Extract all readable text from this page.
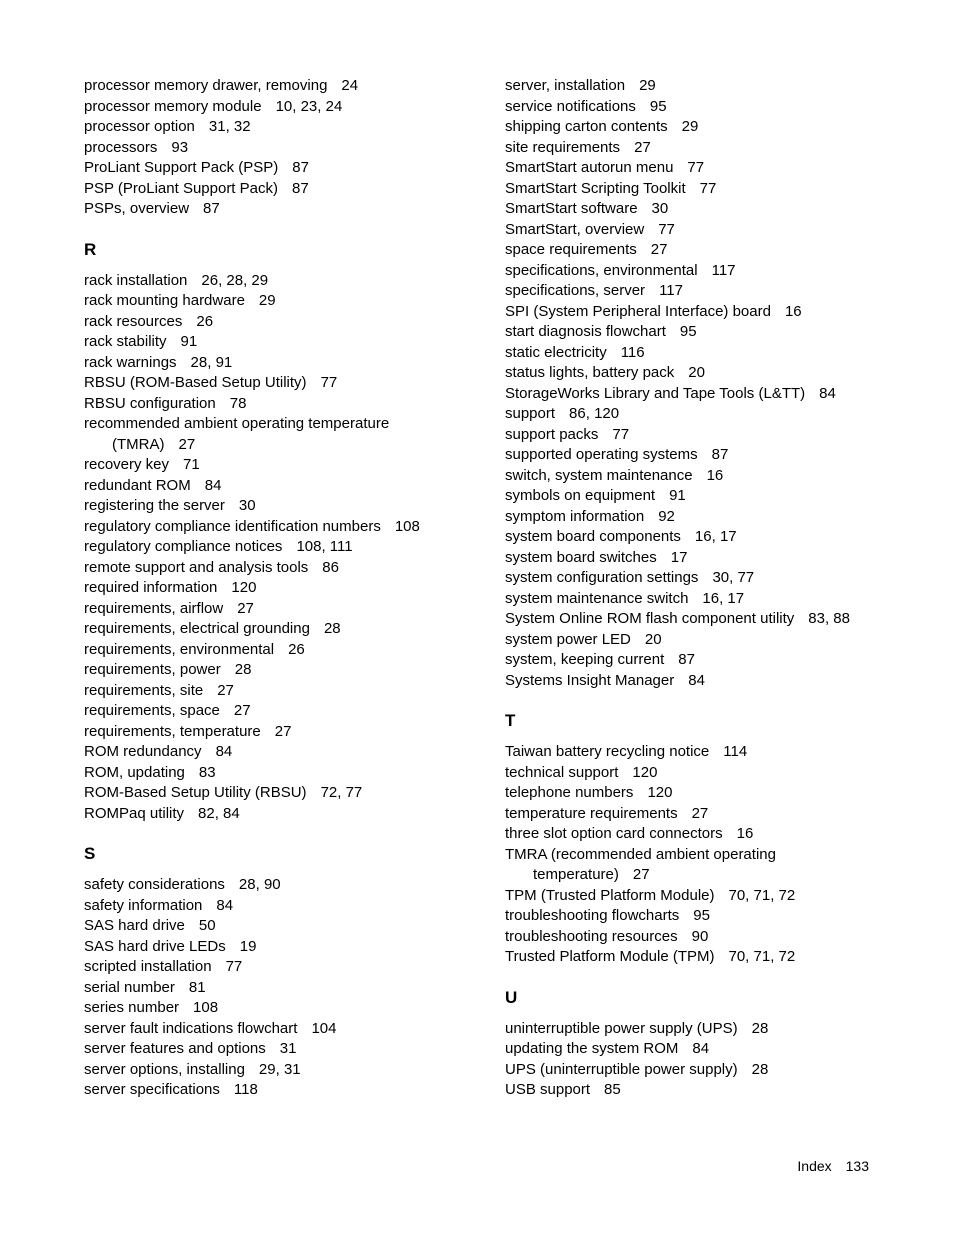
processor memory drawer, removing 24
processor memory module 10, 23, 24
processor option 31, 32
processors 93
ProLiant Support Pack (PSP) 87
PSP (ProLiant Support Pack) 87
PSPs, overview 87
R
rack installation 26, 28, 29
rack mounting hardware 29
rack resources 26
rack stability 91
rack warnings 28, 91
RBSU (ROM-Based Setup Utility) 77
RBSU configuration 78
recommended ambient operating temperature
(TMRA) 27
recovery key 71
redundant ROM 84
registering the server 30
regulatory compliance identification numbers 108
regulatory compliance notices 108, 111
remote support and analysis tools 86
required information 120
requirements, airflow 27
requirements, electrical grounding 28
requirements, environmental 26
requirements, power 28
requirements, site 27
requirements, space 27
requirements, temperature 27
ROM redundancy 84
ROM, updating 83
ROM-Based Setup Utility (RBSU) 72, 77
ROMPaq utility 82, 84
S
safety considerations 28, 90
safety information 84
SAS hard drive 50
SAS hard drive LEDs 19
scripted installation 77
serial number 81
series number 108
server fault indications flowchart 104
server features and options 31
server options, installing 29, 31
server specifications 118
server, installation 29
service notifications 95
shipping carton contents 29
site requirements 27
SmartStart autorun menu 77
SmartStart Scripting Toolkit 77
SmartStart software 30
SmartStart, overview 77
space requirements 27
specifications, environmental 117
specifications, server 117
SPI (System Peripheral Interface) board 16
start diagnosis flowchart 95
static electricity 116
status lights, battery pack 20
StorageWorks Library and Tape Tools (L&TT) 84
support 86, 120
support packs 77
supported operating systems 87
switch, system maintenance 16
symbols on equipment 91
symptom information 92
system board components 16, 17
system board switches 17
system configuration settings 30, 77
system maintenance switch 16, 17
System Online ROM flash component utility 83, 88
system power LED 20
system, keeping current 87
Systems Insight Manager 84
T
Taiwan battery recycling notice 114
technical support 120
telephone numbers 120
temperature requirements 27
three slot option card connectors 16
TMRA (recommended ambient operating
temperature) 27
TPM (Trusted Platform Module) 70, 71, 72
troubleshooting flowcharts 95
troubleshooting resources 90
Trusted Platform Module (TPM) 70, 71, 72
U
uninterruptible power supply (UPS) 28
updating the system ROM 84
UPS (uninterruptible power supply) 28
USB support 85
Index 133
